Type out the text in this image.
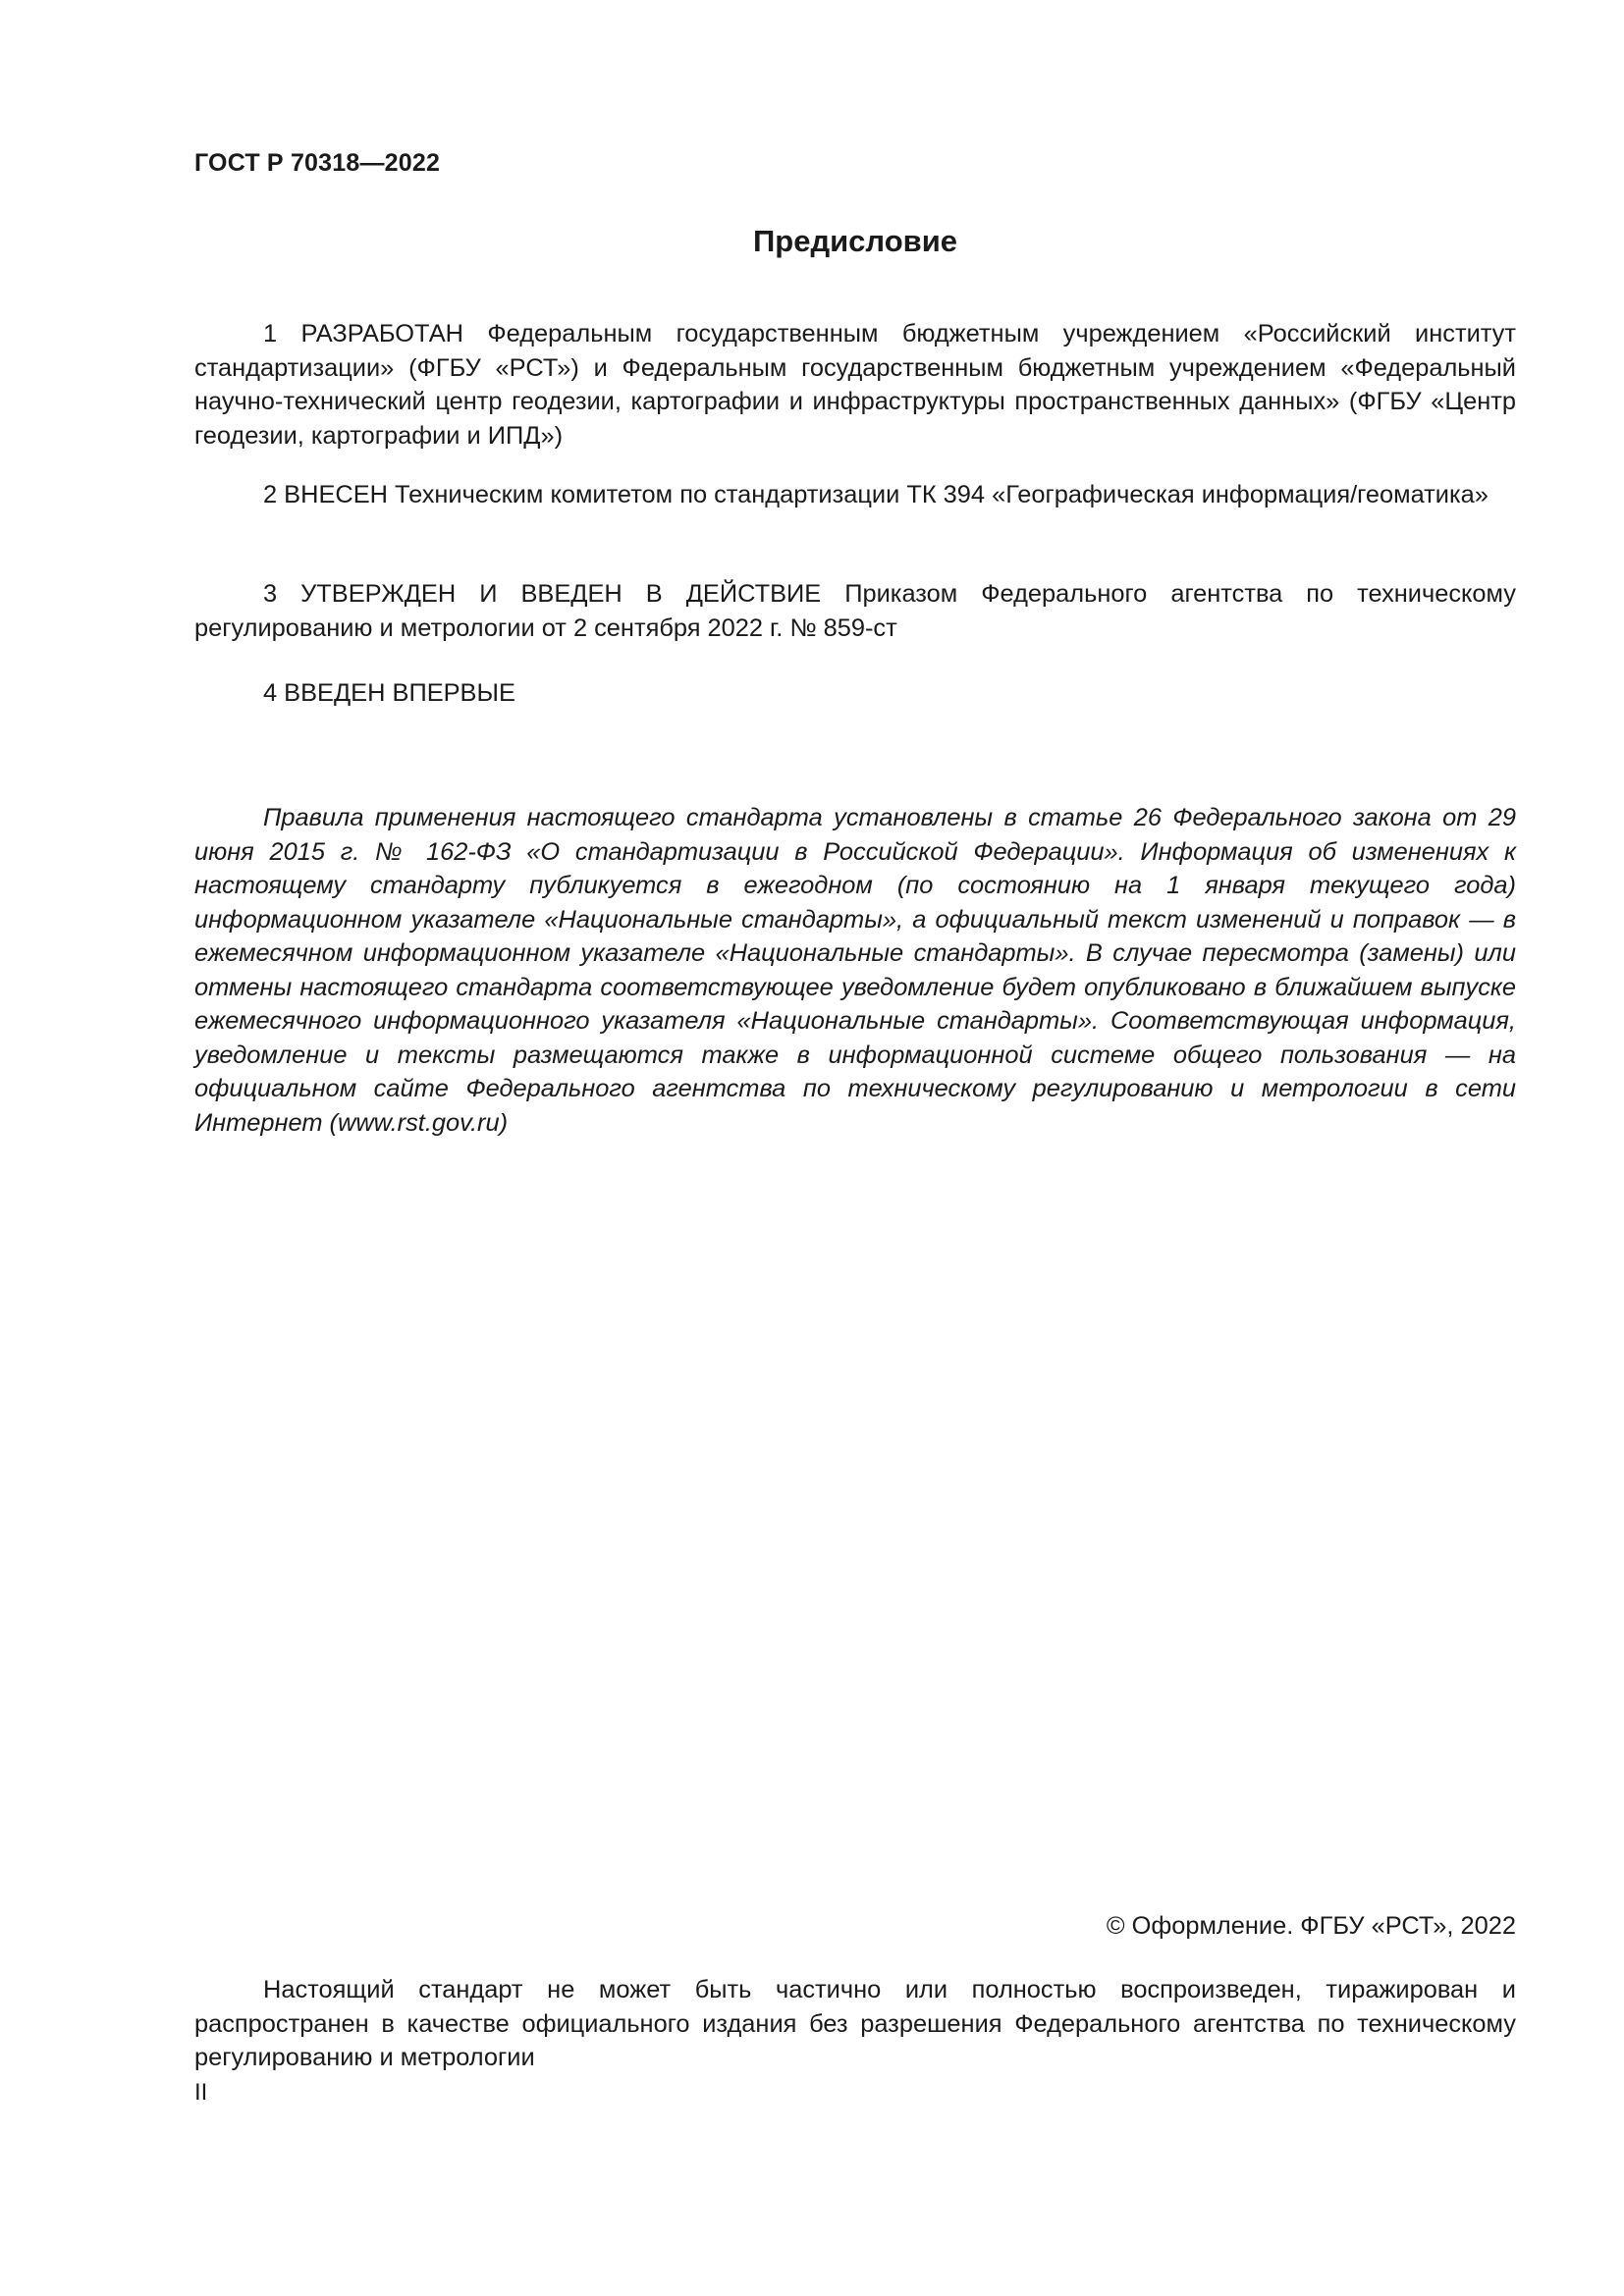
ГОСТ Р 70318—2022
Предисловие

1 РАЗРАБОТАН Федеральным государственным бюджетным учреждением «Российский институт стандартизации» (ФГБУ «РСТ») и Федеральным государственным бюджетным учреждением «Федеральный научно-технический центр геодезии, картографии и инфраструктуры пространственных данных» (ФГБУ «Центр геодезии, картографии и ИПД»)

2 ВНЕСЕН Техническим комитетом по стандартизации ТК 394 «Географическая информация/геоматика»

3 УТВЕРЖДЕН И ВВЕДЕН В ДЕЙСТВИЕ Приказом Федерального агентства по техническому регулированию и метрологии от 2 сентября 2022 г. № 859-ст

4 ВВЕДЕН ВПЕРВЫЕ

Правила применения настоящего стандарта установлены в статье 26 Федерального закона от 29 июня 2015 г. № 162-ФЗ «О стандартизации в Российской Федерации». Информация об изменениях к настоящему стандарту публикуется в ежегодном (по состоянию на 1 января текущего года) информационном указателе «Национальные стандарты», а официальный текст изменений и поправок — в ежемесячном информационном указателе «Национальные стандарты». В случае пересмотра (замены) или отмены настоящего стандарта соответствующее уведомление будет опубликовано в ближайшем выпуске ежемесячного информационного указателя «Национальные стандарты». Соответствующая информация, уведомление и тексты размещаются также в информационной системе общего пользования — на официальном сайте Федерального агентства по техническому регулированию и метрологии в сети Интернет (www.rst.gov.ru)

© Оформление. ФГБУ «РСТ», 2022

Настоящий стандарт не может быть частично или полностью воспроизведен, тиражирован и распространен в качестве официального издания без разрешения Федерального агентства по техническому регулированию и метрологии

II
